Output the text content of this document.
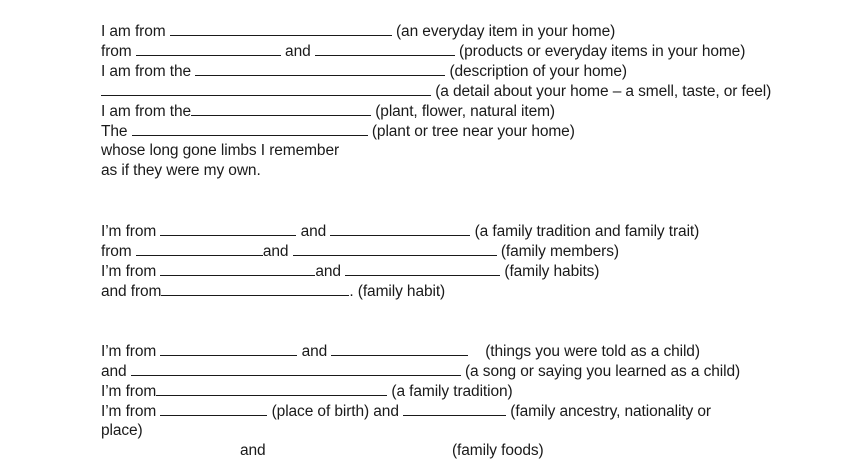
I am from	(an everyday item in your home)
from	and	(products or everyday items in your home)
I am from the	(description of your home)
(a detail about your home – a smell, taste, or feel)
I am from the	(plant, flower, natural item)
The	(plant or tree near your home)
whose long gone limbs I remember
as if they were my own.
I’m from	and	(a family tradition and family trait)
from	and	(family members)
I’m from	and	(family habits)
and from	. (family habit)
I’m from	and	(things you were told as a child)
and	(a song or saying you learned as a child)
I’m from	(a family tradition)
I’m from	(place of birth) and	(family ancestry, nationality or
place)
and	(family foods)
